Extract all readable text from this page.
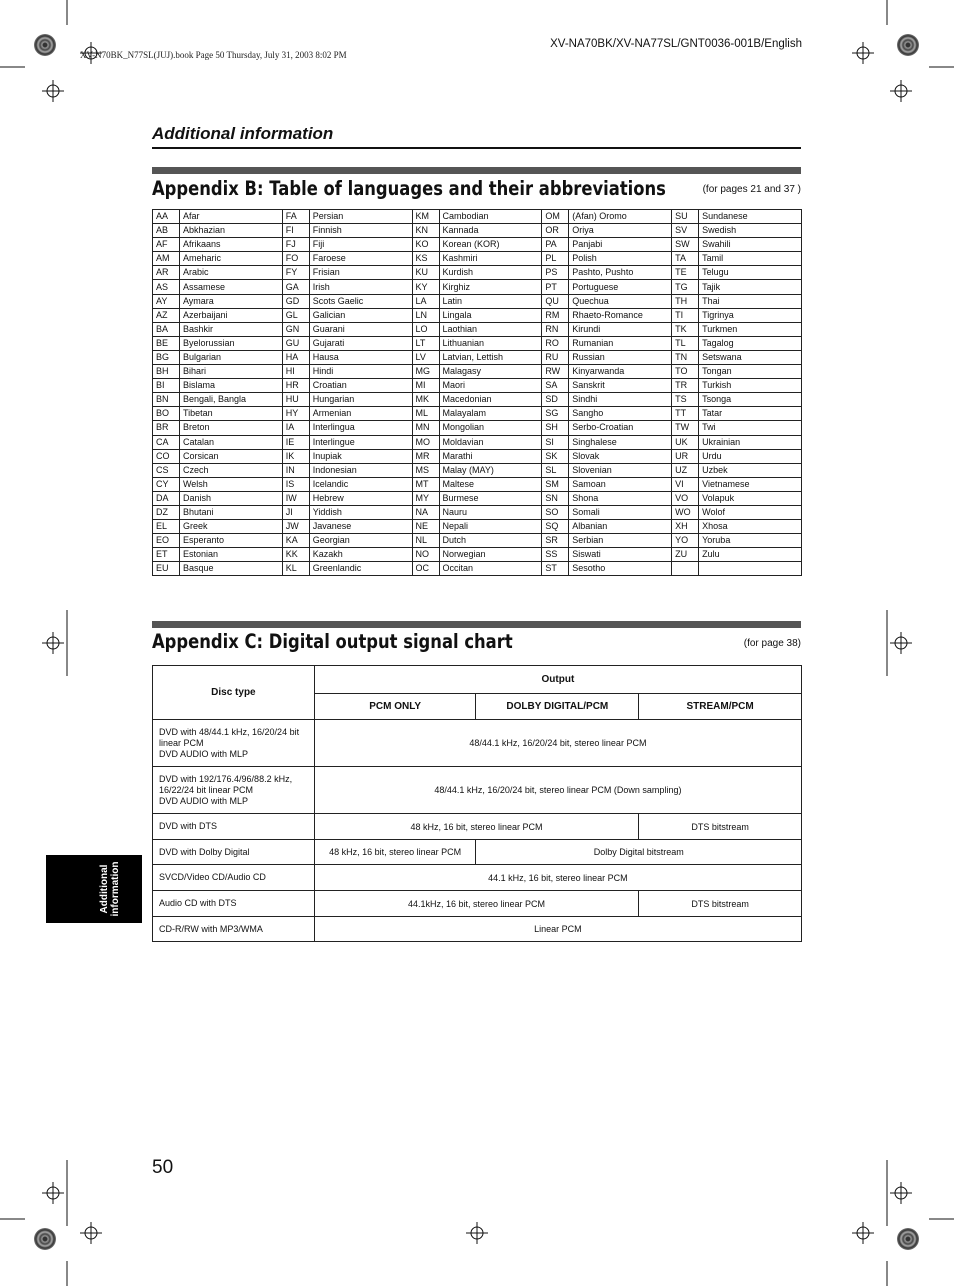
XV-N70BK_N77SL(JUJ).book Page 50 Thursday, July 31, 2003 8:02 PM
XV-NA70BK/XV-NA77SL/GNT0036-001B/English
Additional information
Appendix B: Table of languages and their abbreviations	(for pages 21 and 37 )
AA	Afar	FA	Persian	KM	Cambodian	OM	(Afan) Oromo	SU	Sundanese
AB	Abkhazian	FI	Finnish	KN	Kannada	OR	Oriya	SV	Swedish
AF	Afrikaans	FJ	Fiji	KO	Korean (KOR)	PA	Panjabi	SW	Swahili
AM	Ameharic	FO	Faroese	KS	Kashmiri	PL	Polish	TA	Tamil
AR	Arabic	FY	Frisian	KU	Kurdish	PS	Pashto, Pushto	TE	Telugu
AS	Assamese	GA	Irish	KY	Kirghiz	PT	Portuguese	TG	Tajik
AY	Aymara	GD	Scots Gaelic	LA	Latin	QU	Quechua	TH	Thai
AZ	Azerbaijani	GL	Galician	LN	Lingala	RM	Rhaeto-Romance	TI	Tigrinya
BA	Bashkir	GN	Guarani	LO	Laothian	RN	Kirundi	TK	Turkmen
BE	Byelorussian	GU	Gujarati	LT	Lithuanian	RO	Rumanian	TL	Tagalog
BG	Bulgarian	HA	Hausa	LV	Latvian, Lettish	RU	Russian	TN	Setswana
BH	Bihari	HI	Hindi	MG	Malagasy	RW	Kinyarwanda	TO	Tongan
BI	Bislama	HR	Croatian	MI	Maori	SA	Sanskrit	TR	Turkish
BN	Bengali, Bangla	HU	Hungarian	MK	Macedonian	SD	Sindhi	TS	Tsonga
BO	Tibetan	HY	Armenian	ML	Malayalam	SG	Sangho	TT	Tatar
BR	Breton	IA	Interlingua	MN	Mongolian	SH	Serbo-Croatian	TW	Twi
CA	Catalan	IE	Interlingue	MO	Moldavian	SI	Singhalese	UK	Ukrainian
CO	Corsican	IK	Inupiak	MR	Marathi	SK	Slovak	UR	Urdu
CS	Czech	IN	Indonesian	MS	Malay (MAY)	SL	Slovenian	UZ	Uzbek
CY	Welsh	IS	Icelandic	MT	Maltese	SM	Samoan	VI	Vietnamese
DA	Danish	IW	Hebrew	MY	Burmese	SN	Shona	VO	Volapuk
DZ	Bhutani	JI	Yiddish	NA	Nauru	SO	Somali	WO	Wolof
EL	Greek	JW	Javanese	NE	Nepali	SQ	Albanian	XH	Xhosa
EO	Esperanto	KA	Georgian	NL	Dutch	SR	Serbian	YO	Yoruba
ET	Estonian	KK	Kazakh	NO	Norwegian	SS	Siswati	ZU	Zulu
EU	Basque	KL	Greenlandic	OC	Occitan	ST	Sesotho		
Appendix C: Digital output signal chart	(for page 38)
Disc type	Output		
	PCM ONLY	DOLBY DIGITAL/PCM	STREAM/PCM

DVD with 48/44.1 kHz, 16/20/24 bit
linear PCM
DVD AUDIO with MLP	48/44.1 kHz, 16/20/24 bit, stereo linear PCM		

DVD with 192/176.4/96/88.2 kHz,
16/22/24 bit linear PCM
DVD AUDIO with MLP	48/44.1 kHz, 16/20/24 bit, stereo linear PCM (Down sampling)		

DVD with DTS	48 kHz, 16 bit, stereo linear PCM		DTS bitstream

DVD with Dolby Digital	48 kHz, 16 bit, stereo linear PCM	Dolby Digital bitstream	

SVCD/Video CD/Audio CD	44.1 kHz, 16 bit, stereo linear PCM		

Audio CD with DTS	44.1kHz, 16 bit, stereo linear PCM		DTS bitstream

CD-R/RW with MP3/WMA	Linear PCM		
Additional information
50
